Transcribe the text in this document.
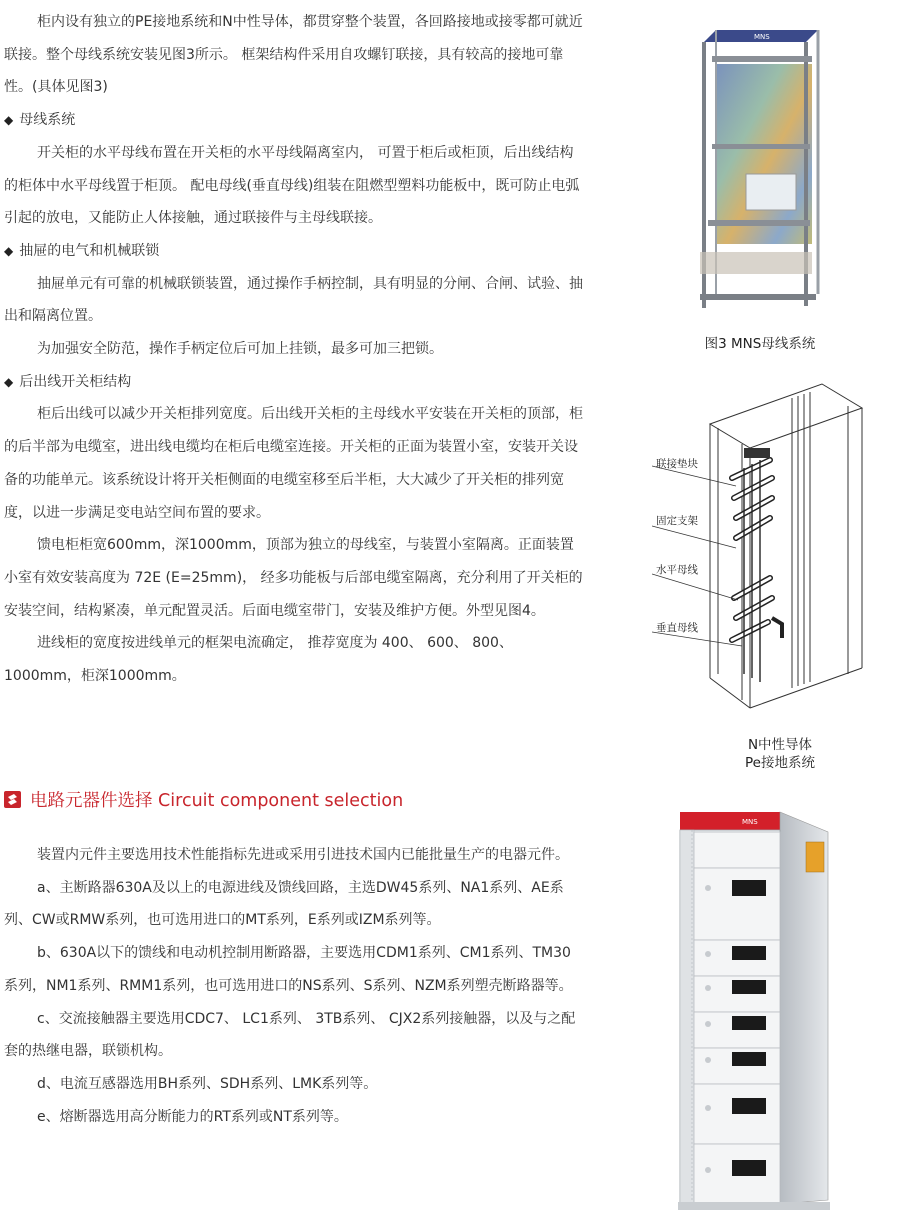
柜内设有独立的PE接地系统和N中性导体，都贯穿整个装置，各回路接地或接零都可就近联接。整个母线系统安装见图3所示。 框架结构件采用自攻螺钉联接，具有较高的接地可靠性。(具体见图3)

◆ 母线系统

开关柜的水平母线布置在开关柜的水平母线隔离室内， 可置于柜后或柜顶，后出线结构的柜体中水平母线置于柜顶。 配电母线(垂直母线)组装在阻燃型塑料功能板中，既可防止电弧引起的放电，又能防止人体接触，通过联接件与主母线联接。

◆ 抽屉的电气和机械联锁

抽屉单元有可靠的机械联锁装置，通过操作手柄控制，具有明显的分闸、合闸、试验、抽出和隔离位置。

为加强安全防范，操作手柄定位后可加上挂锁，最多可加三把锁。

◆ 后出线开关柜结构

柜后出线可以减少开关柜排列宽度。后出线开关柜的主母线水平安装在开关柜的顶部，柜的后半部为电缆室，进出线电缆均在柜后电缆室连接。开关柜的正面为装置小室，安装开关设备的功能单元。该系统设计将开关柜侧面的电缆室移至后半柜，大大减少了开关柜的排列宽度，以进一步满足变电站空间布置的要求。

馈电柜柜宽600mm，深1000mm，顶部为独立的母线室，与装置小室隔离。正面装置小室有效安装高度为 72E (E=25mm)， 经多功能板与后部电缆室隔离，充分利用了开关柜的安装空间，结构紧凑，单元配置灵活。后面电缆室带门，安装及维护方便。外型见图4。

进线柜的宽度按进线单元的框架电流确定， 推荐宽度为 400、 600、 800、1000mm，柜深1000mm。

MNS
图3 MNS母线系统
联接垫块
固定支架
水平母线
垂直母线
N中性导体
Pe接地系统
电路元器件选择 Circuit component selection

装置内元件主要选用技术性能指标先进或采用引进技术国内已能批量生产的电器元件。

a、主断路器630A及以上的电源进线及馈线回路，主选DW45系列、NA1系列、AE系列、CW或RMW系列，也可选用进口的MT系列，E系列或IZM系列等。

b、630A以下的馈线和电动机控制用断路器，主要选用CDM1系列、CM1系列、TM30系列，NM1系列、RMM1系列，也可选用进口的NS系列、S系列、NZM系列塑壳断路器等。

c、交流接触器主要选用CDC7、 LC1系列、 3TB系列、 CJX2系列接触器，以及与之配套的热继电器，联锁机构。

d、电流互感器选用BH系列、SDH系列、LMK系列等。

e、熔断器选用高分断能力的RT系列或NT系列等。

MNS
